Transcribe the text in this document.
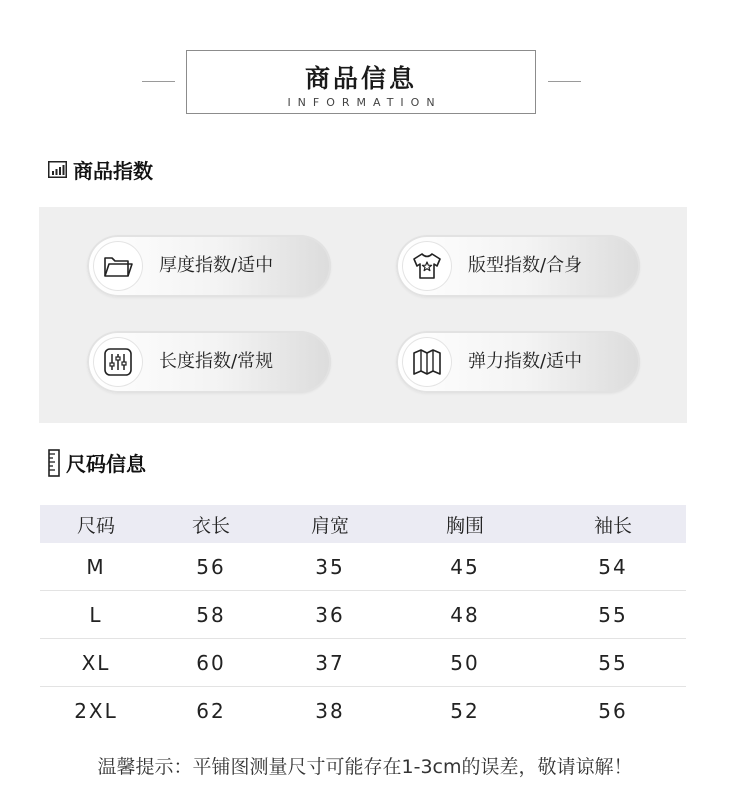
商品信息
INFORMATION
商品指数
厚度指数/适中	版型指数/合身
长度指数/常规	弹力指数/适中
尺码信息
尺码	衣长	肩宽	胸围	袖长
M	56	35	45	54
L	58	36	48	55
XL	60	37	50	55
2XL	62	38	52	56
温馨提示：平铺图测量尺寸可能存在1-3cm的误差，敬请谅解！
